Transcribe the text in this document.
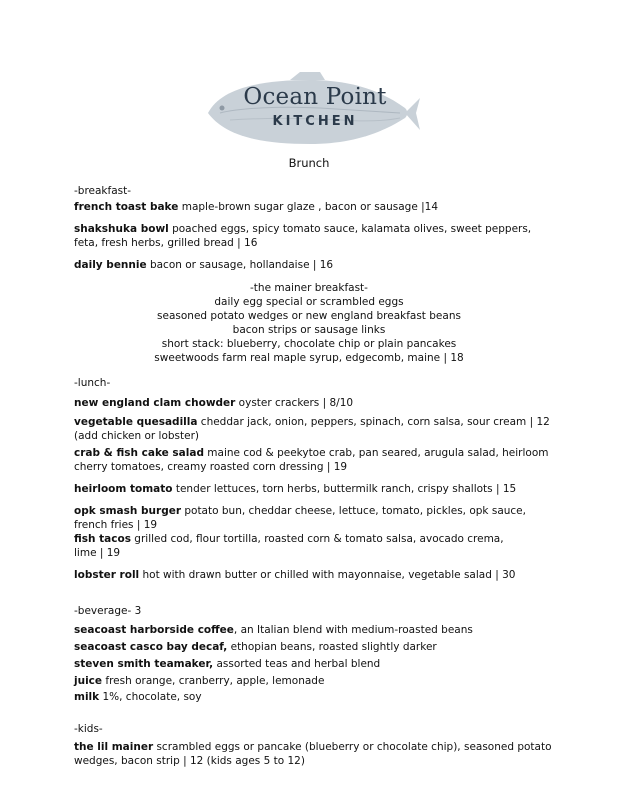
Ocean Point
KITCHEN
Brunch
-breakfast-
french toast bake maple-brown sugar glaze , bacon or sausage |14
shakshuka bowl poached eggs, spicy tomato sauce, kalamata olives, sweet peppers,
feta, fresh herbs, grilled bread | 16
daily bennie bacon or sausage, hollandaise | 16
-the mainer breakfast-
daily egg special or scrambled eggs
seasoned potato wedges or new england breakfast beans
bacon strips or sausage links
short stack: blueberry, chocolate chip or plain pancakes
sweetwoods farm real maple syrup, edgecomb, maine | 18
-lunch-
new england clam chowder oyster crackers | 8/10
vegetable quesadilla cheddar jack, onion, peppers, spinach, corn salsa, sour cream | 12
(add chicken or lobster)
crab & fish cake salad maine cod & peekytoe crab, pan seared, arugula salad, heirloom
cherry tomatoes, creamy roasted corn dressing | 19
heirloom tomato tender lettuces, torn herbs, buttermilk ranch, crispy shallots | 15
opk smash burger potato bun, cheddar cheese, lettuce, tomato, pickles, opk sauce,
french fries | 19
fish tacos grilled cod, flour tortilla, roasted corn & tomato salsa, avocado crema,
lime | 19
lobster roll hot with drawn butter or chilled with mayonnaise, vegetable salad | 30
-beverage- 3
seacoast harborside coffee, an Italian blend with medium-roasted beans
seacoast casco bay decaf, ethopian beans, roasted slightly darker
steven smith teamaker, assorted teas and herbal blend
juice fresh orange, cranberry, apple, lemonade
milk 1%, chocolate, soy
-kids-
the lil mainer scrambled eggs or pancake (blueberry or chocolate chip), seasoned potato
wedges, bacon strip | 12 (kids ages 5 to 12)
